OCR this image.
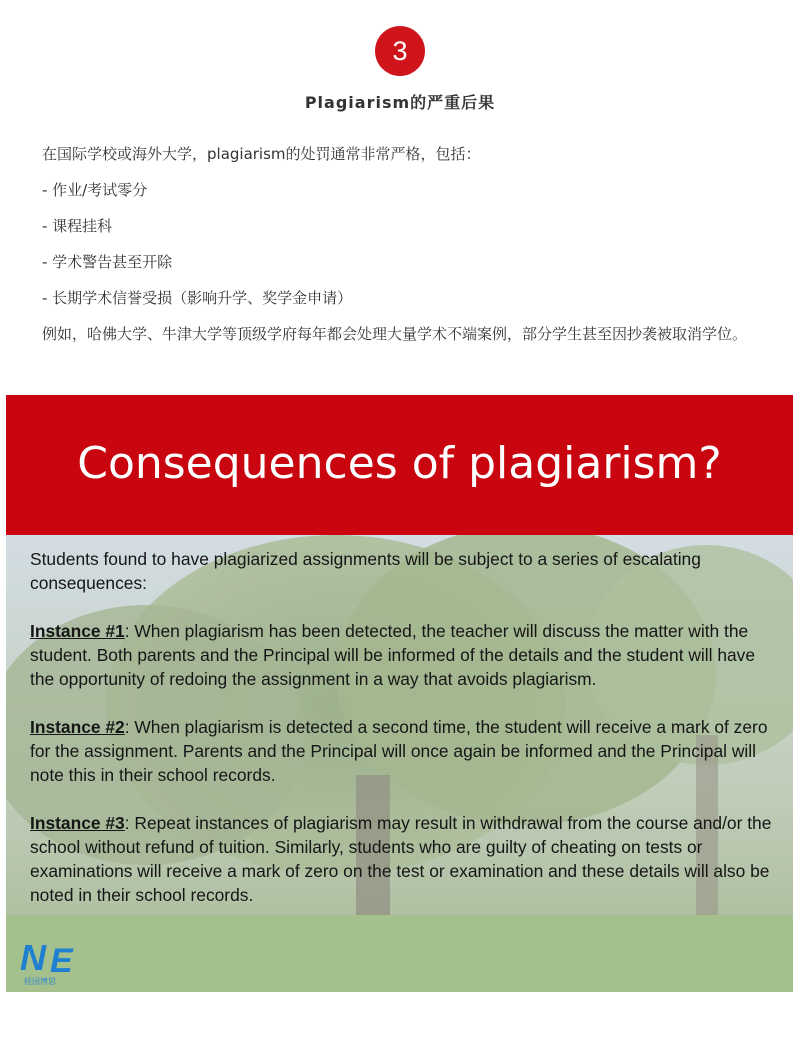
3
Plagiarism的严重后果

在国际学校或海外大学，plagiarism的处罚通常非常严格，包括：

- 作业/考试零分

- 课程挂科

- 学术警告甚至开除

- 长期学术信誉受损（影响升学、奖学金申请）

例如，哈佛大学、牛津大学等顶级学府每年都会处理大量学术不端案例，部分学生甚至因抄袭被取消学位。

Consequences of plagiarism?

Students found to have plagiarized assignments will be subject to a series of escalating consequences:

Instance #1: When plagiarism has been detected, the teacher will discuss the matter with the student. Both parents and the Principal will be informed of the details and the student will have the opportunity of redoing the assignment in a way that avoids plagiarism.

Instance #2: When plagiarism is detected a second time, the student will receive a mark of zero for the assignment. Parents and the Principal will once again be informed and the Principal will note this in their school records.

Instance #3: Repeat instances of plagiarism may result in withdrawal from the course and/or the school without refund of tuition. Similarly, students who are guilty of cheating on tests or examinations will receive a mark of zero on the test or examination and these details will also be noted in their school records.

N E
桂园博思
